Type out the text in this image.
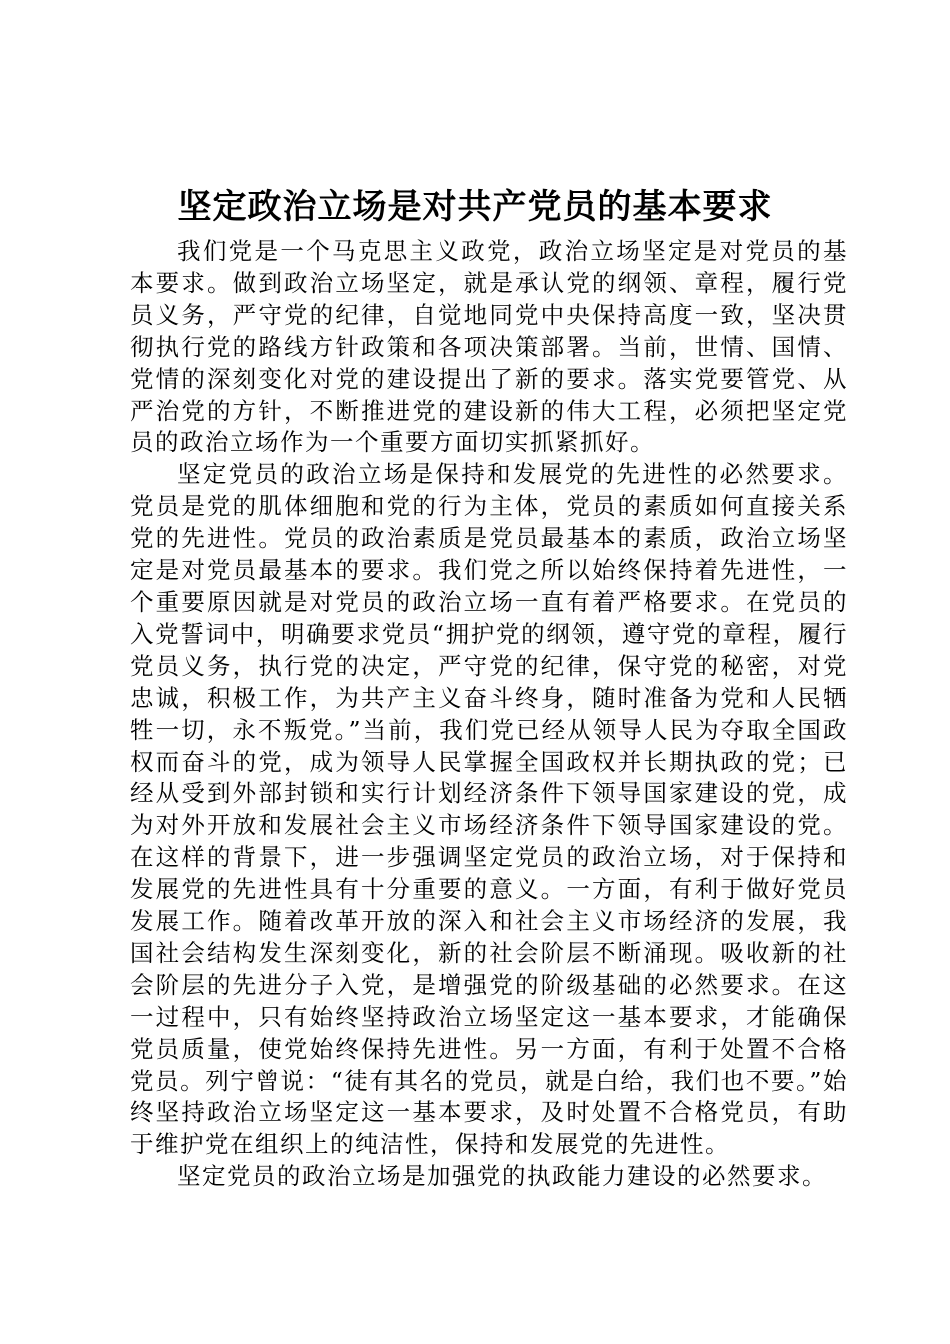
坚定政治立场是对共产党员的基本要求

我们党是一个马克思主义政党，政治立场坚定是对党员的基本要求。做到政治立场坚定，就是承认党的纲领、章程，履行党员义务，严守党的纪律，自觉地同党中央保持高度一致，坚决贯彻执行党的路线方针政策和各项决策部署。当前，世情、国情、党情的深刻变化对党的建设提出了新的要求。落实党要管党、从严治党的方针，不断推进党的建设新的伟大工程，必须把坚定党员的政治立场作为一个重要方面切实抓紧抓好。

坚定党员的政治立场是保持和发展党的先进性的必然要求。党员是党的肌体细胞和党的行为主体，党员的素质如何直接关系党的先进性。党员的政治素质是党员最基本的素质，政治立场坚定是对党员最基本的要求。我们党之所以始终保持着先进性，一个重要原因就是对党员的政治立场一直有着严格要求。在党员的入党誓词中，明确要求党员“拥护党的纲领，遵守党的章程，履行党员义务，执行党的决定，严守党的纪律，保守党的秘密，对党忠诚，积极工作，为共产主义奋斗终身，随时准备为党和人民牺牲一切，永不叛党。”当前，我们党已经从领导人民为夺取全国政权而奋斗的党，成为领导人民掌握全国政权并长期执政的党；已经从受到外部封锁和实行计划经济条件下领导国家建设的党，成为对外开放和发展社会主义市场经济条件下领导国家建设的党。在这样的背景下，进一步强调坚定党员的政治立场，对于保持和发展党的先进性具有十分重要的意义。一方面，有利于做好党员发展工作。随着改革开放的深入和社会主义市场经济的发展，我国社会结构发生深刻变化，新的社会阶层不断涌现。吸收新的社会阶层的先进分子入党，是增强党的阶级基础的必然要求。在这一过程中，只有始终坚持政治立场坚定这一基本要求，才能确保党员质量，使党始终保持先进性。另一方面，有利于处置不合格党员。列宁曾说：“徒有其名的党员，就是白给，我们也不要。”始终坚持政治立场坚定这一基本要求，及时处置不合格党员，有助于维护党在组织上的纯洁性，保持和发展党的先进性。

坚定党员的政治立场是加强党的执政能力建设的必然要求。
